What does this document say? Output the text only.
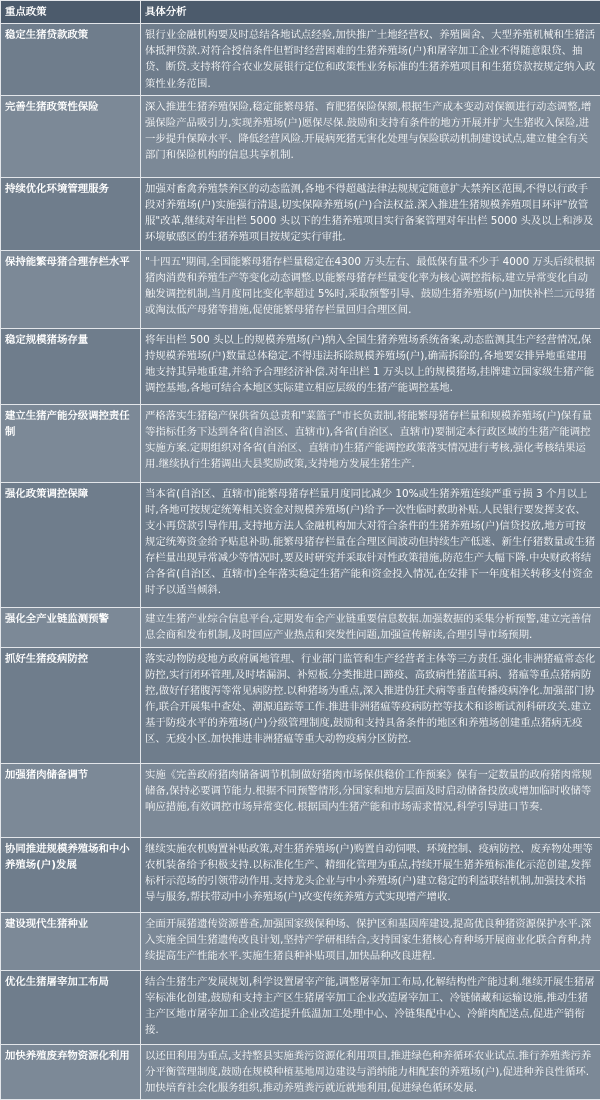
重点政策	具体分析
稳定生猪贷款政策	银行业金融机构要及时总结各地试点经验,加快推广土地经营权、养殖圈舍、大型养殖机械和生猪活体抵押贷款.对符合授信条件但暂时经营困难的生猪养殖场(户)和屠宰加工企业不得随意限贷、抽贷、断贷.支持将符合农业发展银行定位和政策性业务标准的生猪养殖项目和生猪贷款按规定纳入政策性业务范围.
完善生猪政策性保险	深入推进生猪养殖保险,稳定能繁母猪、育肥猪保险保额,根据生产成本变动对保额进行动态调整,增强保险产品吸引力,实现养殖场(户)愿保尽保.鼓励和支持有条件的地方开展并扩大生猪收入保险,进一步提升保障水平、降低经营风险.开展病死猪无害化处理与保险联动机制建设试点,建立健全有关部门和保险机构的信息共享机制.
持续优化环境管理服务	加强对畜禽养殖禁养区的动态监测,各地不得超越法律法规规定随意扩大禁养区范围,不得以行政手段对养殖场(户)实施强行清退,切实保障养殖场(户)合法权益.深入推进生猪规模养殖项目环评"放管服"改革,继续对年出栏 5000 头以下的生猪养殖项目实行备案管理对年出栏 5000 头及以上和涉及环境敏感区的生猪养殖项目按规定实行审批.
保持能繁母猪合理存栏水平	"十四五"期间,全国能繁母猪存栏量稳定在4300 万头左右、最低保有量不少于 4000 万头后续根据猪肉消费和养殖生产等变化动态调整.以能繁母猪存栏量变化率为核心调控指标,建立异常变化自动触发调控机制,当月度同比变化率超过 5%时,采取预警引导、鼓励生猪养殖场(户)加快补栏二元母猪或淘汰低产母猪等措施,促使能繁母猪存栏量回归合理区间.
稳定规模猪场存量	将年出栏 500 头以上的规模养殖场(户)纳入全国生猪养殖场系统备案,动态监测其生产经营情况,保持规模养殖场(户)数量总体稳定.不得违法拆除规模养殖场(户),确需拆除的,各地要安排异地重建用地支持其异地重建,并给予合理经济补偿.对年出栏 1 万头以上的规模猪场,挂牌建立国家级生猪产能调控基地,各地可结合本地区实际建立相应层级的生猪产能调控基地.
建立生猪产能分级调控责任制	严格落实生猪稳产保供省负总责和"菜篮子"市长负责制,将能繁母猪存栏量和规模养殖场(户)保有量等指标任务下达到各省(自治区、直辖市),各省(自治区、直辖市)要制定本行政区域的生猪产能调控实施方案.定期组织对各省(自治区、直辖市)生猪产能调控政策落实情况进行考核,强化考核结果运用.继续执行生猪调出大县奖励政策,支持地方发展生猪生产.
强化政策调控保障	当本省(自治区、直辖市)能繁母猪存栏量月度同比减少 10%或生猪养殖连续严重亏损 3 个月以上时,各地可按规定统筹相关资金对规模养殖场(户)给予一次性临时救助补贴.人民银行要发挥支农、支小再贷款引导作用,支持地方法人金融机构加大对符合条件的生猪养殖场(户)信贷投放,地方可按规定统筹资金给予贴息补助.能繁母猪存栏量在合理区间波动但持续生产低迷、新生仔猪数量或生猪存栏量出现异常减少等情况时,要及时研究并采取针对性政策措施,防范生产大幅下降.中央财政将结合各省(自治区、直辖市)全年落实稳定生猪产能和资金投入情况,在安排下一年度相关转移支付资金时予以适当倾斜.
强化全产业链监测预警	建立生猪产业综合信息平台,定期发布全产业链重要信息数据.加强数据的采集分析预警,建立完善信息会商和发布机制,及时回应产业热点和突发性问题,加强宣传解读,合理引导市场预期.
抓好生猪疫病防控	落实动物防疫地方政府属地管理、行业部门监管和生产经营者主体等三方责任.强化非洲猪瘟常态化防控,实行闭环管理,及时堵漏洞、补短板.分类推进口蹄疫、高致病性猪蓝耳病、猪瘟等重点猪病防控,做好仔猪腹泻等常见病防控.以种猪场为重点,深入推进伪狂犬病等垂直传播疫病净化.加强部门协作,联合开展集中查处、潮源追踪等工作.推进非洲猪瘟等疫病防控等技术和诊断试剂科研攻关.建立基于防疫水平的养殖场(户)分级管理制度,鼓励和支持具备条件的地区和养殖场创建重点猪病无疫区、无疫小区.加快推进非洲猪瘟等重大动物疫病分区防控.
加强猪肉储备调节	实施《完善政府猪肉储备调节机制做好猪肉市场保供稳价工作预案》保有一定数量的政府猪肉常规储备,保持必要调节能力.根据不同预警情形,分国家和地方层面及时启动储备投放或增加临时收储等响应措施,有效调控市场异常变化.根据国内生猪产能和市场需求情况,科学引导进口节奏.
协同推进规模养殖场和中小养殖场(户)发展	继续实施农机购置补贴政策,对生猪养殖场(户)购置自动饲喂、环境控制、疫病防控、废弃物处理等农机装备给予积极支持.以标准化生产、精细化管理为重点,持续开展生猪养殖标准化示范创建,发挥标杆示范场的引领带动作用.支持龙头企业与中小养殖场(户)建立稳定的利益联结机制,加强技术指导与服务,帮扶带动中小养殖场(户)改变传统养殖方式实现增产增收.
建设现代生猪种业	全面开展猪遗传资源普查,加强国家级保种场、保护区和基因库建设,提高优良种猪资源保护水平.深入实施全国生猪遗传改良计划,坚持产学研相结合,支持国家生猪核心育种场开展商业化联合育种,持续提高生产性能水平.实施生猪良种补贴项目,加快品种改良进程.
优化生猪屠宰加工布局	结合生猪生产发展规划,科学设置屠宰产能,调整屠宰加工布局,化解结构性产能过剩.继续开展生猪屠宰标准化创建,鼓励和支持主产区生猪屠宰加工企业改造屠宰加工、冷链储藏和运输设施,推动生猪主产区地市屠宰加工企业改造提升低温加工处理中心、冷链集配中心、冷鲜肉配送点,促进产销衔接.
加快养殖废弃物资源化利用	以还田利用为重点,支持整县实施粪污资源化利用项目,推进绿色种养循环农业试点.推行养殖粪污养分平衡管理制度,鼓励在规模种植基地周边建设与消纳能力相配套的养殖场(户),促进种养良性循环.加快培育社会化服务组织,推动养殖粪污就近就地利用,促进绿色循环发展.
